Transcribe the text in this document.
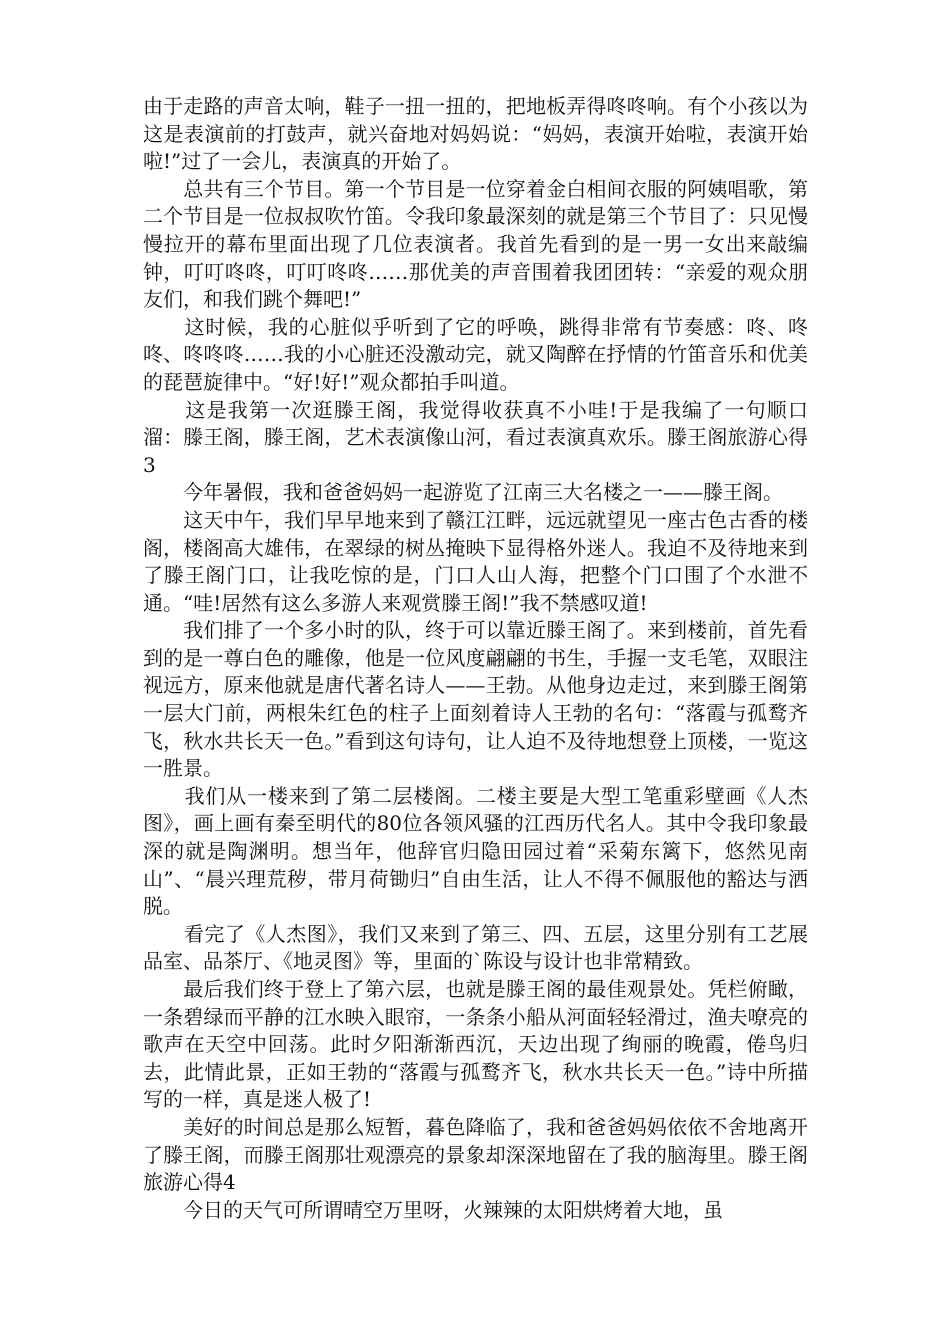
由于走路的声音太响，鞋子一扭一扭的，把地板弄得咚咚响。有个小孩以为这是表演前的打鼓声，就兴奋地对妈妈说：“妈妈，表演开始啦，表演开始啦!”过了一会儿，表演真的开始了。

　　总共有三个节目。第一个节目是一位穿着金白相间衣服的阿姨唱歌，第二个节目是一位叔叔吹竹笛。令我印象最深刻的就是第三个节目了：只见慢慢拉开的幕布里面出现了几位表演者。我首先看到的是一男一女出来敲编钟，叮叮咚咚，叮叮咚咚……那优美的声音围着我团团转：“亲爱的观众朋友们，和我们跳个舞吧!”

　　这时候，我的心脏似乎听到了它的呼唤，跳得非常有节奏感：咚、咚咚、咚咚咚……我的小心脏还没激动完，就又陶醉在抒情的竹笛音乐和优美的琵琶旋律中。“好!好!”观众都拍手叫道。

　　这是我第一次逛滕王阁，我觉得收获真不小哇!于是我编了一句顺口溜：滕王阁，滕王阁，艺术表演像山河，看过表演真欢乐。滕王阁旅游心得3

　　今年暑假，我和爸爸妈妈一起游览了江南三大名楼之一——滕王阁。

　　这天中午，我们早早地来到了赣江江畔，远远就望见一座古色古香的楼阁，楼阁高大雄伟，在翠绿的树丛掩映下显得格外迷人。我迫不及待地来到了滕王阁门口，让我吃惊的是，门口人山人海，把整个门口围了个水泄不通。“哇!居然有这么多游人来观赏滕王阁!”我不禁感叹道!

　　我们排了一个多小时的队，终于可以靠近滕王阁了。来到楼前，首先看到的是一尊白色的雕像，他是一位风度翩翩的书生，手握一支毛笔，双眼注视远方，原来他就是唐代著名诗人——王勃。从他身边走过，来到滕王阁第一层大门前，两根朱红色的柱子上面刻着诗人王勃的名句：“落霞与孤鹜齐飞，秋水共长天一色。”看到这句诗句，让人迫不及待地想登上顶楼，一览这一胜景。

　　我们从一楼来到了第二层楼阁。二楼主要是大型工笔重彩壁画《人杰图》，画上画有秦至明代的80位各领风骚的江西历代名人。其中令我印象最深的就是陶渊明。想当年，他辞官归隐田园过着“采菊东篱下，悠然见南山”、“晨兴理荒秽，带月荷锄归”自由生活，让人不得不佩服他的豁达与洒脱。

　　看完了《人杰图》，我们又来到了第三、四、五层，这里分别有工艺展品室、品茶厅、《地灵图》等，里面的`陈设与设计也非常精致。

　　最后我们终于登上了第六层，也就是滕王阁的最佳观景处。凭栏俯瞰，一条碧绿而平静的江水映入眼帘，一条条小船从河面轻轻滑过，渔夫嘹亮的歌声在天空中回荡。此时夕阳渐渐西沉，天边出现了绚丽的晚霞，倦鸟归去，此情此景，正如王勃的“落霞与孤鹜齐飞，秋水共长天一色。”诗中所描写的一样，真是迷人极了!

　　美好的时间总是那么短暂，暮色降临了，我和爸爸妈妈依依不舍地离开了滕王阁，而滕王阁那壮观漂亮的景象却深深地留在了我的脑海里。滕王阁旅游心得4

　　今日的天气可所谓晴空万里呀，火辣辣的太阳烘烤着大地，虽
